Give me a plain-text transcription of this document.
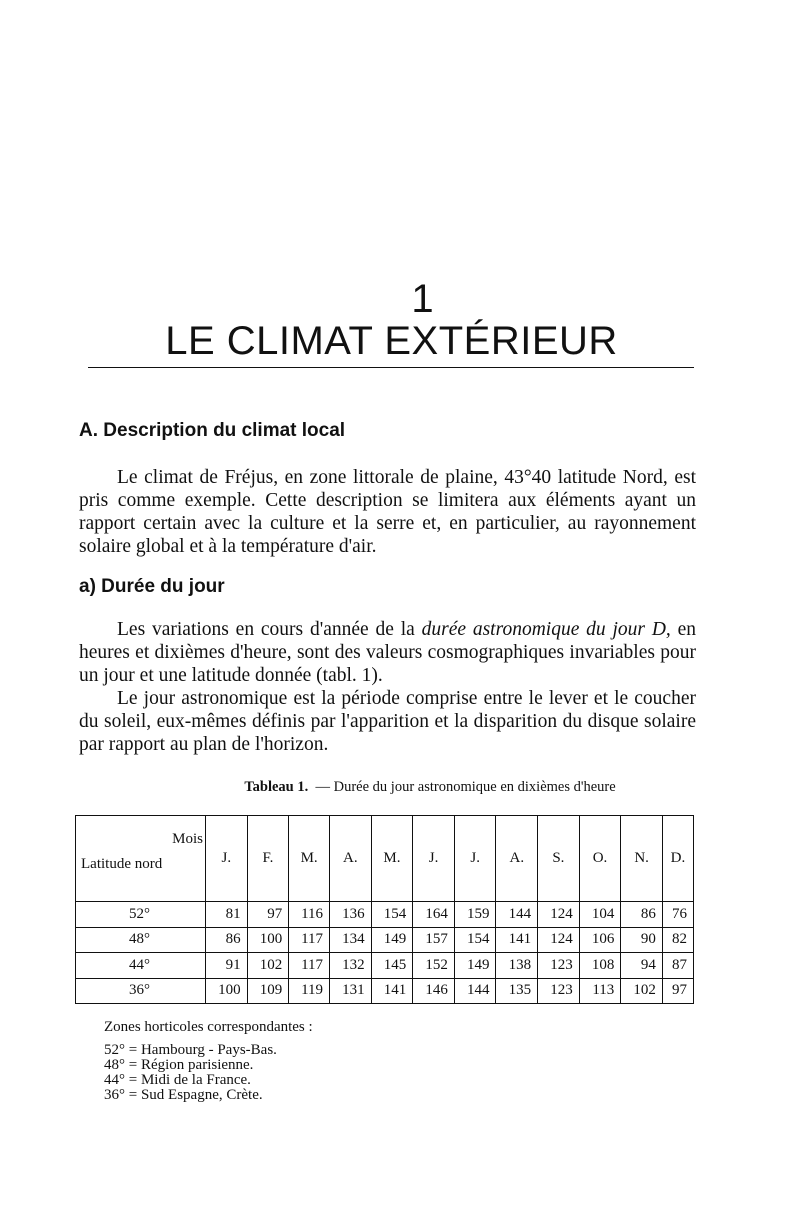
1
LE CLIMAT EXTÉRIEUR
A. Description du climat local

Le climat de Fréjus, en zone littorale de plaine, 43°40 latitude Nord, est pris comme exemple. Cette description se limitera aux éléments ayant un rapport certain avec la culture et la serre et, en particulier, au rayonnement solaire global et à la température d'air.

a) Durée du jour

Les variations en cours d'année de la durée astronomique du jour D, en heures et dixièmes d'heure, sont des valeurs cosmographiques invariables pour un jour et une latitude donnée (tabl. 1).

Le jour astronomique est la période comprise entre le lever et le coucher du soleil, eux-mêmes définis par l'apparition et la disparition du disque solaire par rapport au plan de l'horizon.

Tableau 1. — Durée du jour astronomique en dixièmes d'heure
Mois
Latitude nord	J.	F.	M.	A.	M.	J.	J.	A.	S.	O.	N.	D.
52°	81	97	116	136	154	164	159	144	124	104	86	76
48°	86	100	117	134	149	157	154	141	124	106	90	82
44°	91	102	117	132	145	152	149	138	123	108	94	87
36°	100	109	119	131	141	146	144	135	123	113	102	97
Zones horticoles correspondantes :
52° = Hambourg - Pays-Bas.
48° = Région parisienne.
44° = Midi de la France.
36° = Sud Espagne, Crète.
